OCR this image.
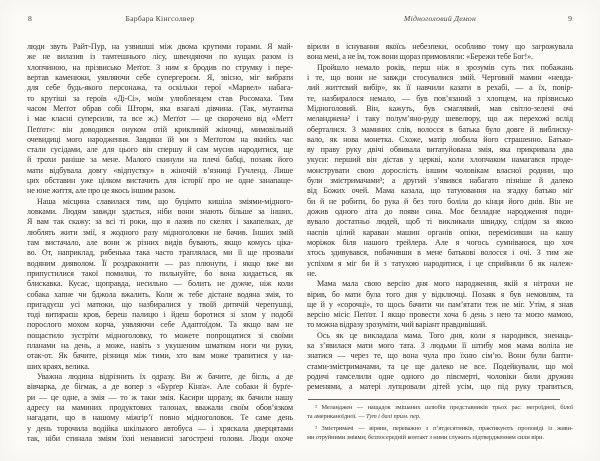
8	Барбара Кінгсолвер
люди звуть Райт-Пур, на узвишші між двома крутими горами. Я май-
же не вилазив із тамтешнього лісу, швендяючи по кущах разом із
хлопчиною, на прізвисько Меґґот. З ним я бродив по струмку і пере-
вертав каменюки, уявляючи себе супергероєм. Я, звісно, міг вибрати
для себе будь-якого персонажа, та оскільки герої «Марвел» набага-
то крутіші за героїв «Ді-Сі», моїм улюбленцем став Росомаха. Тим
часом Меґґот обрав собі Шторм, яка взагалі дівчина. (Так, мутантка
і має класні суперсили, та все ж.) Меґґот — це скорочено від «Метт
Пеґґот»: він доводився онуком отій крикливій жіночці, мимовільній
очевидиці мого народження. Завдяки їй ми з Меґґотом на якийсь час
стали сусідами, але для цього він спершу й сам мусив народитися, ще
й трохи раніше за мене. Малого скинули на плечі бабці, позаяк його
мати відбувала довгу «відпустку» в жіночій в’язниці Гучленд. Лише
цих обставин уже цілком вистачить для історії про не одне занапаще-
не юне життя, але про це якось іншим разом.
Наша місцина славилася тим, що буцімто кишіла зміями-мідного-
ловками. Людям завжди здається, ніби вони знають більше за інших.
Я вам так скажу: за всі ті роки, що я лазив по скелях і закапелках, де
люблять жити змії, я жодного разу мідноголовки не бачив. Інших змій
там вистачало, але вони ж різних видів бувають, якщо комусь ціка-
во. От, наприклад, рябенька така часто траплялася, ми її ще прозвали
водяним дияволом. Її роздраконити — раз плюнути, і якщо вже ви
припустилися такої помилки, то пильнуйте, бо вона кидається, як
блискавка. Кусає, щоправда, несильно — болить не дужче, ніж коли
собака хапне чи бджола вжалить. Коли ж тебе дістане водяна змія, то
пригадуєш усі матюки, що назбиралися у твоїй дитячій черепушці,
тоді витираєш кров, береш палицю і йдеш боротися зі злом у подобі
порослого мохом корча, уявляючи себе Адаптоїдом. Та якщо вам не
пощастило зустріти мідноголовку, то можете попрощатися зі своїми
планами на день, а може, навіть з укушеним шматком ноги чи руки,
отак-от. Як бачите, різниця між тими, хто вам може трапитися у на-
ших краях, велика.
Уважна людина відрізнить їх одразу. Ви ж бачите, де бігль, а де
вівчарка, де бігмак, а де вопер з «Бурґер Кінґа». Але собаки й бурґе-
ри — це одне, а змія — то ж таки змія. Касири щоразу, як бачили нашу
адресу на маминих продуктових талонах, вважали своїм обов’язком
нагадати, що в нашому міжгір’ї повно мідноголовок. Те саме день
у день торочила водійка шкільного автобуса — і хряскала дверцятами
так, ніби стинала зміям їхні ненависні загострені голови. Люди охоче
Мідноголовий Демон	9
вірили в існування якоїсь небезпеки, особливо тому що загрожувала
вона мені, а не їм, тож вони щораз примовляли: «Бережи тебе Бог!».
Пройшло немало років, перш ніж я зрозумів суть тих побажань
і те, що вони не завжди стосувалися змій. Черговий мамин «невда-
лий життєвий вибір», як її навчили казати в рехабі, — а їх, повір-
те, назбиралося немало, — був пов’язаний з хлопцем, на прізвисько
Мідноголовий. Він, кажуть, був смаглявий, мав світло-зелені очі
меланджена² і таку полум’яно-руду шевелюру, що аж перехожі вслід
оберталися. З маминих слів, волосся в батька було довге й виблиску-
вало, як нова монетка. Схоже, матір любила його страшенно. Батько-
ву праву руку двічі обвивала витатуйована змія, яка прикривала два
укуси: перший він дістав у церкві, коли хлопчаком намагався проде-
монструвати свою дорослість іншим чоловікам власної родини, що
були змієтримачами³; а другий з’явився набагато пізніше й далеко
від Божих очей. Мама казала, що татуювання на згадку батько міг
би й не робити, бо рука й без того боліла до кінця його днів. Він не
дожив одного літа до появи сина. Моє безладне народження поди-
вувало достатньо людей, щоб ті викликали швидку, слідом за якою
наспів цілий караван машин органів опіки, перемісивши на кашу
моріжок біля нашого трейлера. Але я чогось сумніваюся, що хоч
хтось здивувався, побачивши в мене батькові волосся і очі. З тим же
успіхом я міг би й з татухою народитися, і це сприйняли б як належ-
не.
Мама мала свою версію дня мого народження, якій я нітрохи не
вірив, бо мати була того дня у відключці. Позаяк я був немовлям, та
ще й у «сорочці», то щось бачити чи пам’ятати теж не міг. Утім, я знав
версію місіс Пеґґот. І якщо провести хоча б день з нею та моєю мамою,
то можна відразу зрозуміти, чий варіант правдивіший.
Ось як це викладала мама. Того дня, коли я народився, зненаць-
ка з’явилася мати мого тата. З людьми її штибу моя мама воліла не
знатися — через те, що вона чула про їхню сім’ю. Вони були бапти-
стами-змієтримачами, та це ще далеко не все. Подейкували, що мої
родичі гамселили одне одного до півсмерті, чоловіки били дружин
ременями, а матері лупцювали дітей усім, що під руку трапиться,
² Меланджен — нащадок змішаних шлюбів представників трьох рас: негроїдної, білої
та американоїдної. — Тут і далі прим. пер.
³ Змієтримачі — віряни, переважно з п’ятдесятників, практикують проповіді із живи-
ми отруйними зміями; безпосередній контакт з ними служить підтвердженням сили віри.
